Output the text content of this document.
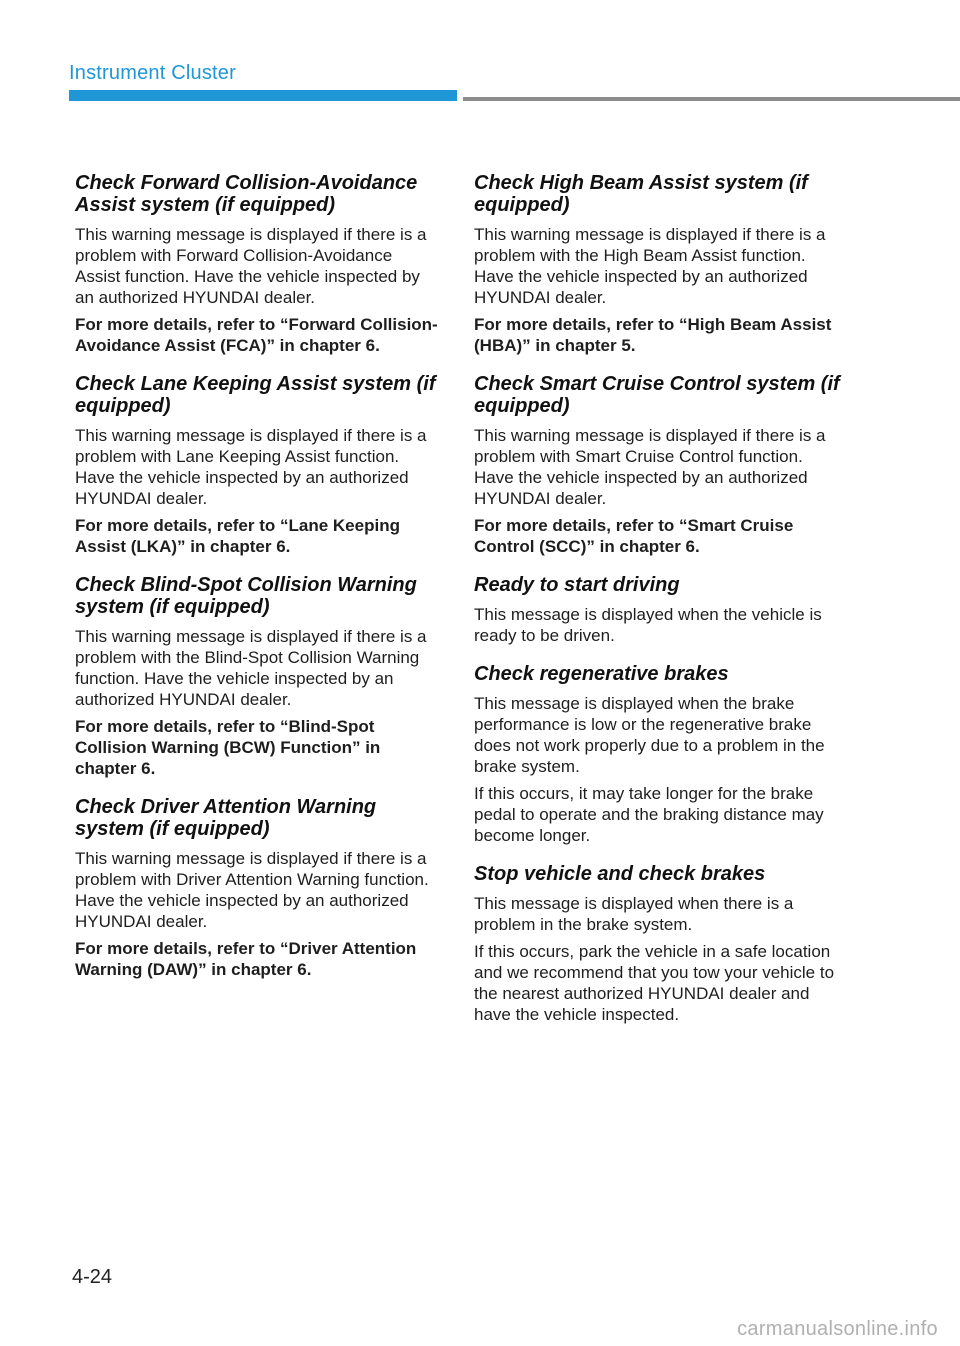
Instrument Cluster
Check Forward Collision-Avoidance Assist system (if equipped)

This warning message is displayed if there is a problem with Forward Collision-Avoidance Assist function. Have the vehicle inspected by an authorized HYUNDAI dealer.

For more details, refer to “Forward Collision-Avoidance Assist (FCA)” in chapter 6.

Check Lane Keeping Assist system (if equipped)

This warning message is displayed if there is a problem with Lane Keeping Assist function. Have the vehicle inspected by an authorized HYUNDAI dealer.

For more details, refer to “Lane Keeping Assist (LKA)” in chapter 6.

Check Blind-Spot Collision Warning system (if equipped)

This warning message is displayed if there is a problem with the Blind-Spot Collision Warning function. Have the vehicle inspected by an authorized HYUNDAI dealer.

For more details, refer to “Blind-Spot Collision Warning (BCW) Function” in chapter 6.

Check Driver Attention Warning system (if equipped)

This warning message is displayed if there is a problem with Driver Attention Warning function. Have the vehicle inspected by an authorized HYUNDAI dealer.

For more details, refer to “Driver Attention Warning (DAW)” in chapter 6.

Check High Beam Assist system (if equipped)

This warning message is displayed if there is a problem with the High Beam Assist function. Have the vehicle inspected by an authorized HYUNDAI dealer.

For more details, refer to “High Beam Assist (HBA)” in chapter 5.

Check Smart Cruise Control system (if equipped)

This warning message is displayed if there is a problem with Smart Cruise Control function. Have the vehicle inspected by an authorized HYUNDAI dealer.

For more details, refer to “Smart Cruise Control (SCC)” in chapter 6.

Ready to start driving

This message is displayed when the vehicle is ready to be driven.

Check regenerative brakes

This message is displayed when the brake performance is low or the regenerative brake does not work properly due to a problem in the brake system.

If this occurs, it may take longer for the brake pedal to operate and the braking distance may become longer.

Stop vehicle and check brakes

This message is displayed when there is a problem in the brake system.

If this occurs, park the vehicle in a safe location and we recommend that you tow your vehicle to the nearest authorized HYUNDAI dealer and have the vehicle inspected.

4-24
carmanualsonline.info
